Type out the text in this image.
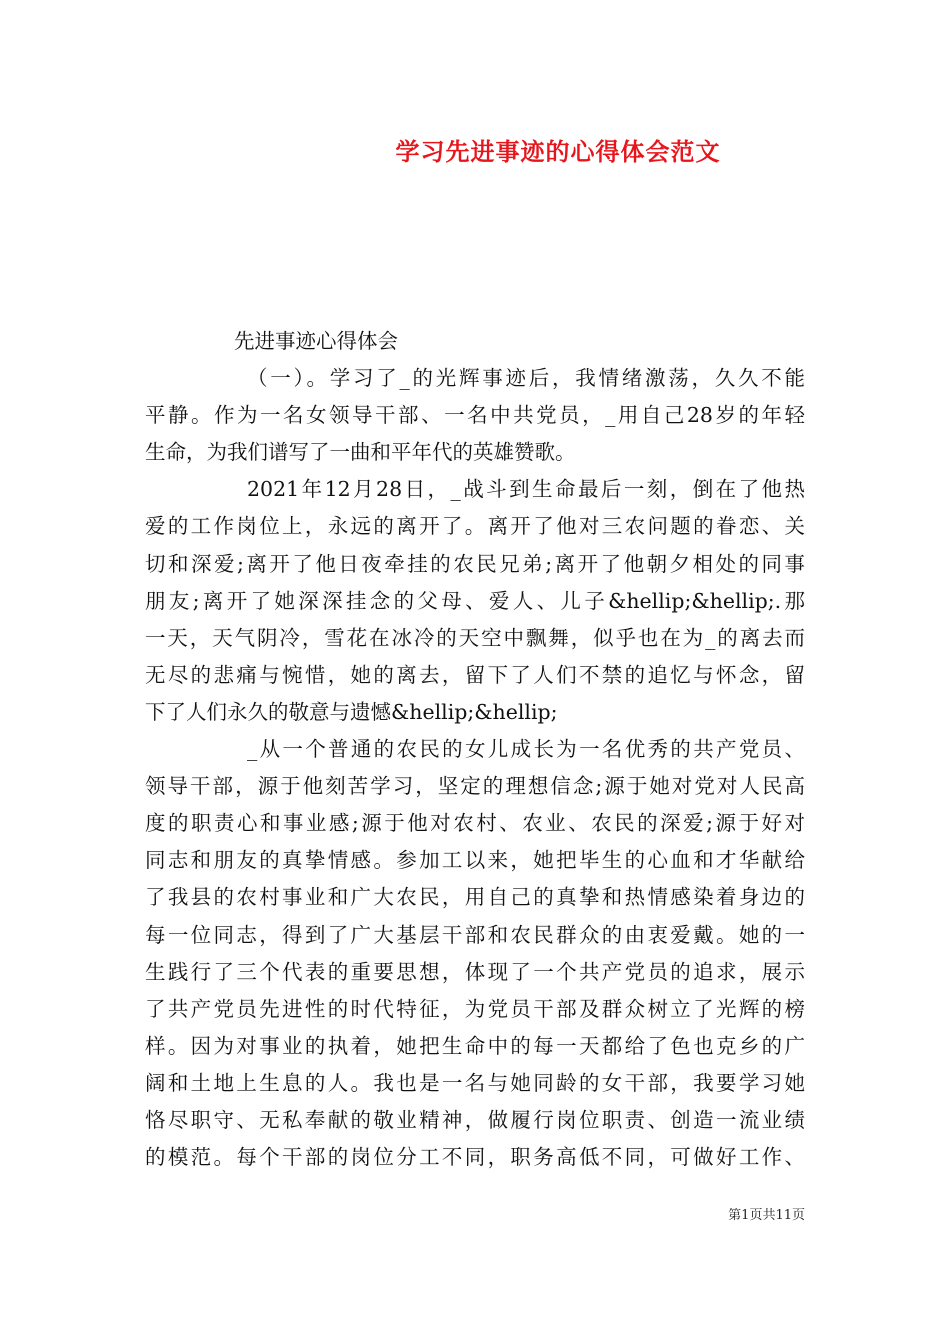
学习先进事迹的心得体会范文
先进事迹心得体会
（一）。学习了_的光辉事迹后，我情绪激荡，久久不能
平静。作为一名女领导干部、一名中共党员，_用自己28岁的年轻
生命，为我们谱写了一曲和平年代的英雄赞歌。
2021年12月28日，_战斗到生命最后一刻，倒在了他热
爱的工作岗位上，永远的离开了。离开了他对三农问题的眷恋、关
切和深爱;离开了他日夜牵挂的农民兄弟;离开了他朝夕相处的同事
朋友;离开了她深深挂念的父母、爱人、儿子&hellip;&hellip;.那
一天，天气阴冷，雪花在冰冷的天空中飘舞，似乎也在为_的离去而
无尽的悲痛与惋惜，她的离去，留下了人们不禁的追忆与怀念，留
下了人们永久的敬意与遗憾&hellip;&hellip;
_从一个普通的农民的女儿成长为一名优秀的共产党员、
领导干部，源于他刻苦学习，坚定的理想信念;源于她对党对人民高
度的职责心和事业感;源于他对农村、农业、农民的深爱;源于好对
同志和朋友的真挚情感。参加工以来，她把毕生的心血和才华献给
了我县的农村事业和广大农民，用自己的真挚和热情感染着身边的
每一位同志，得到了广大基层干部和农民群众的由衷爱戴。她的一
生践行了三个代表的重要思想，体现了一个共产党员的追求，展示
了共产党员先进性的时代特征，为党员干部及群众树立了光辉的榜
样。因为对事业的执着，她把生命中的每一天都给了色也克乡的广
阔和土地上生息的人。我也是一名与她同龄的女干部，我要学习她
恪尽职守、无私奉献的敬业精神，做履行岗位职责、创造一流业绩
的模范。每个干部的岗位分工不同，职务高低不同，可做好工作、
第1页共11页
